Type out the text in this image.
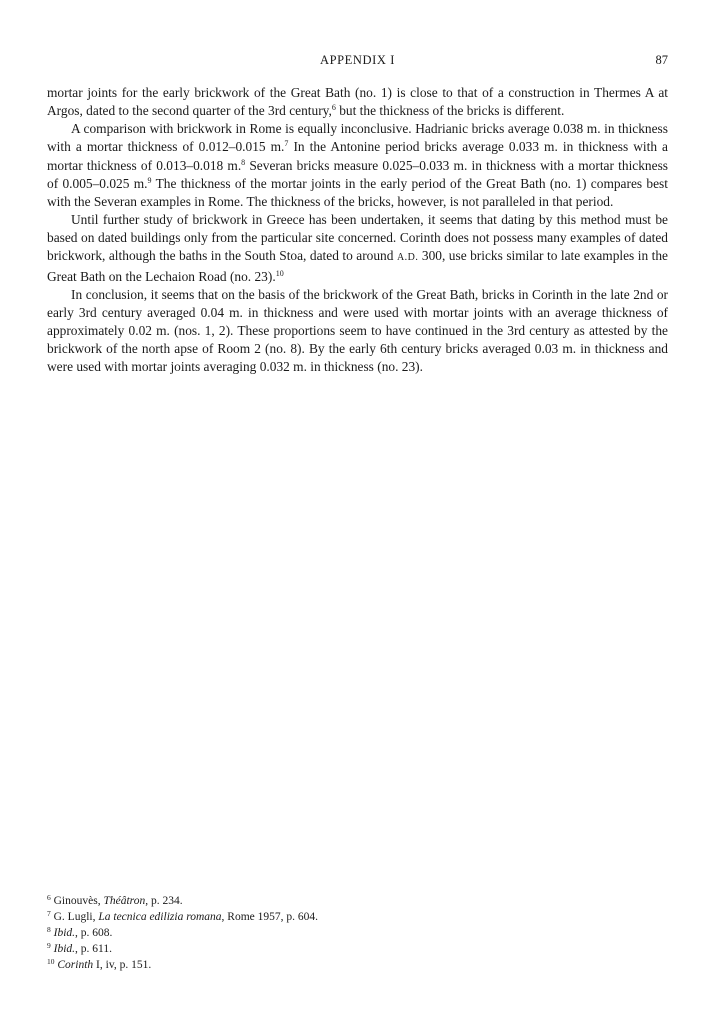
APPENDIX I	87

mortar joints for the early brickwork of the Great Bath (no. 1) is close to that of a construction in Thermes A at Argos, dated to the second quarter of the 3rd century,$^6$ but the thickness of the bricks is different.

A comparison with brickwork in Rome is equally inconclusive. Hadrianic bricks average 0.038 m. in thickness with a mortar thickness of 0.012–0.015 m.$^7$ In the Antonine period bricks average 0.033 m. in thickness with a mortar thickness of 0.013–0.018 m.$^8$ Severan bricks measure 0.025–0.033 m. in thickness with a mortar thickness of 0.005–0.025 m.$^9$ The thickness of the mortar joints in the early period of the Great Bath (no. 1) compares best with the Severan examples in Rome. The thickness of the bricks, however, is not paralleled in that period.

Until further study of brickwork in Greece has been undertaken, it seems that dating by this method must be based on dated buildings only from the particular site concerned. Corinth does not possess many examples of dated brickwork, although the baths in the South Stoa, dated to around A.D. 300, use bricks similar to late examples in the Great Bath on the Lechaion Road (no. 23).$^{10}$

In conclusion, it seems that on the basis of the brickwork of the Great Bath, bricks in Corinth in the late 2nd or early 3rd century averaged 0.04 m. in thickness and were used with mortar joints with an average thickness of approximately 0.02 m. (nos. 1, 2). These proportions seem to have continued in the 3rd century as attested by the brickwork of the north apse of Room 2 (no. 8). By the early 6th century bricks averaged 0.03 m. in thickness and were used with mortar joints averaging 0.032 m. in thickness (no. 23).

$^6$ Ginouvès, Théâtron, p. 234.
$^7$ G. Lugli, La tecnica edilizia romana, Rome 1957, p. 604.
$^8$ Ibid., p. 608.
$^9$ Ibid., p. 611.
$^{10}$ Corinth I, iv, p. 151.
